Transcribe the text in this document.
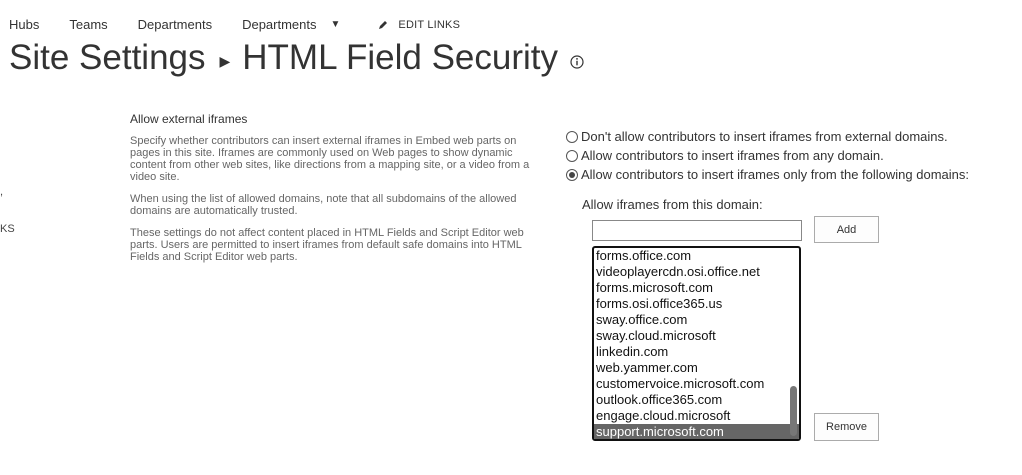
Hubs Teams Departments Departments ▼	EDIT LINKS
Site Settings ▶ HTML Field Security
,
KS
Allow external iframes

Specify whether contributors can insert external iframes in Embed web parts on pages in this site. Iframes are commonly used on Web pages to show dynamic content from other web sites, like directions from a mapping site, or a video from a video site.

When using the list of allowed domains, note that all subdomains of the allowed domains are automatically trusted.

These settings do not affect content placed in HTML Fields and Script Editor web parts. Users are permitted to insert iframes from default safe domains into HTML Fields and Script Editor web parts.

Don't allow contributors to insert iframes from external domains.
Allow contributors to insert iframes from any domain.
Allow contributors to insert iframes only from the following domains:
Allow iframes from this domain:
Add
forms.office.com
videoplayercdn.osi.office.net
forms.microsoft.com
forms.osi.office365.us
sway.office.com
sway.cloud.microsoft
linkedin.com
web.yammer.com
customervoice.microsoft.com
outlook.office365.com
engage.cloud.microsoft
support.microsoft.com	Remove
